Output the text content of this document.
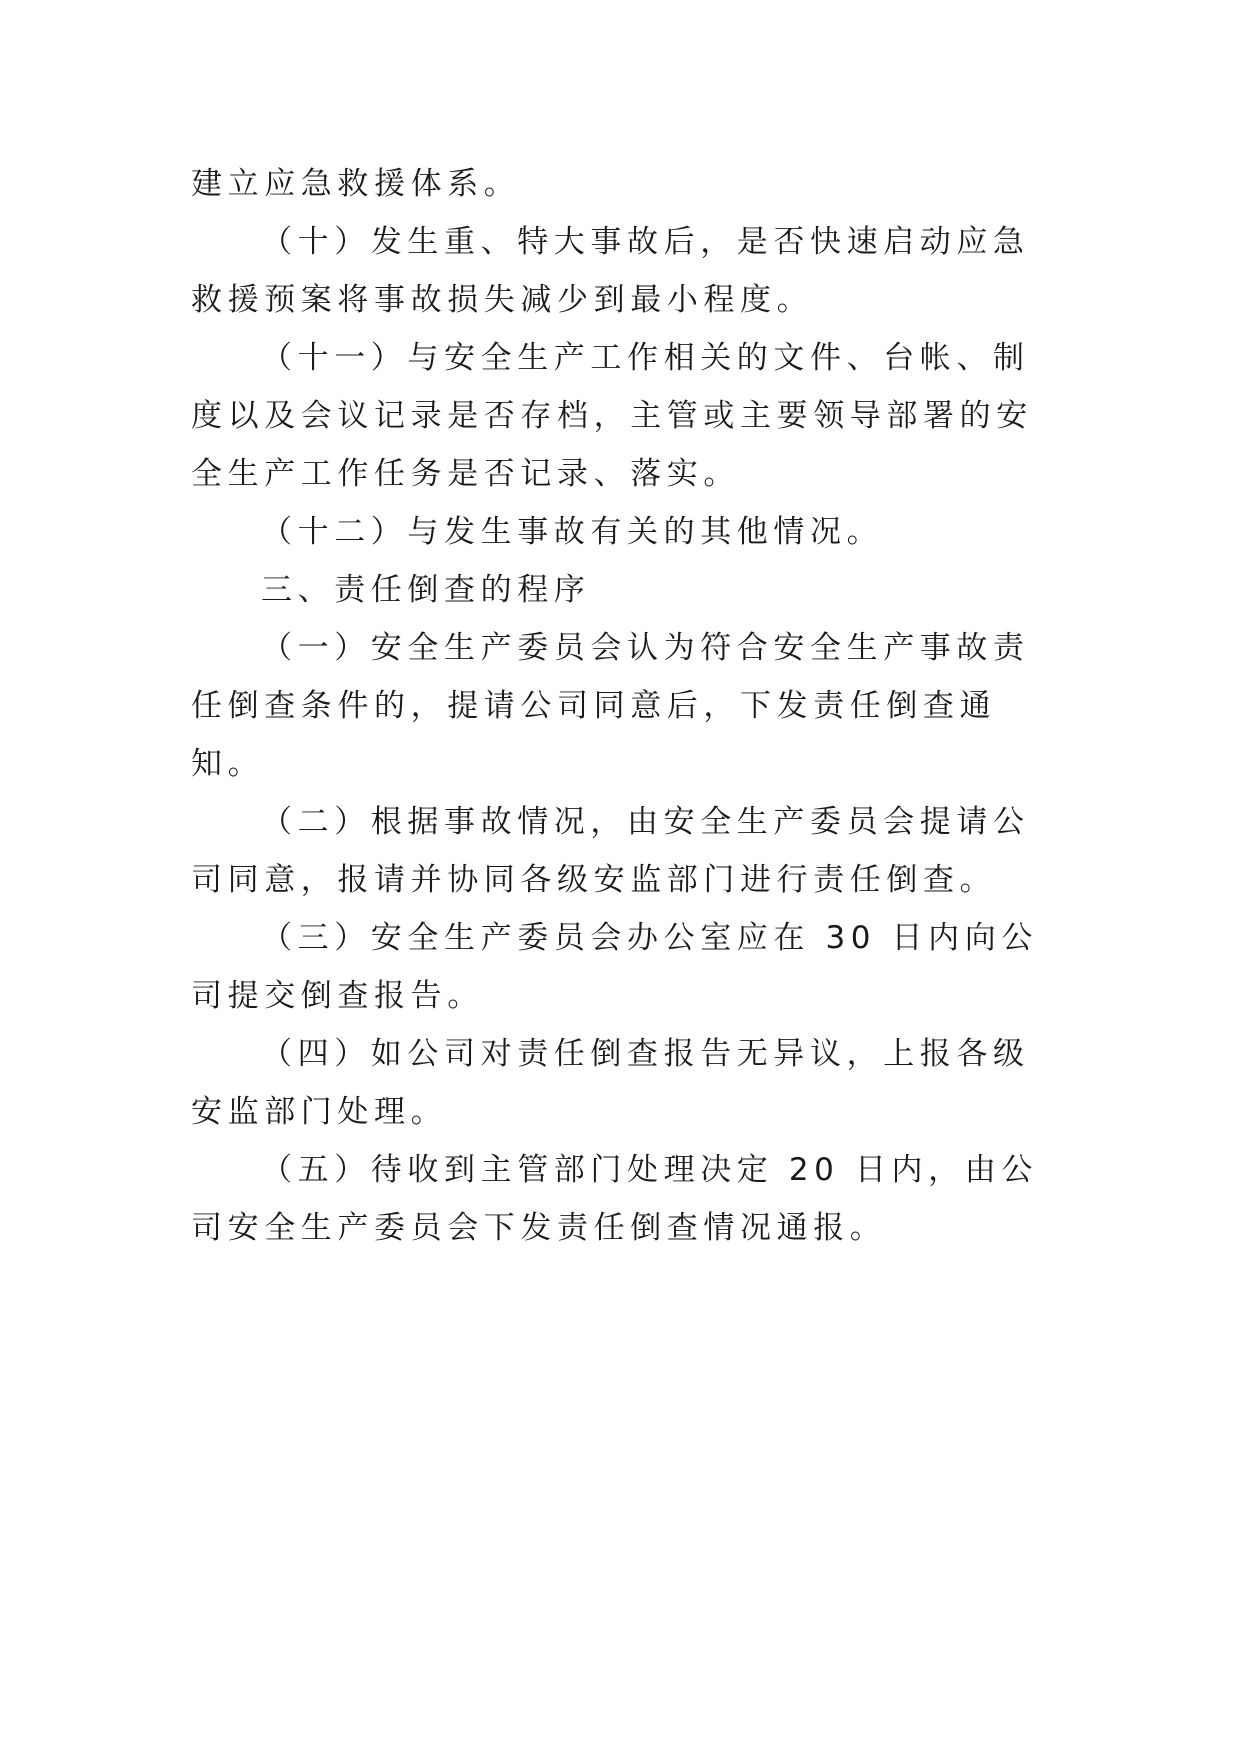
建立应急救援体系。

（十）发生重、特大事故后，是否快速启动应急救援预案将事故损失减少到最小程度。

（十一）与安全生产工作相关的文件、台帐、制度以及会议记录是否存档，主管或主要领导部署的安全生产工作任务是否记录、落实。

（十二）与发生事故有关的其他情况。

三、责任倒查的程序

（一）安全生产委员会认为符合安全生产事故责任倒查条件的，提请公司同意后，下发责任倒查通知。

（二）根据事故情况，由安全生产委员会提请公司同意，报请并协同各级安监部门进行责任倒查。

（三）安全生产委员会办公室应在 30 日内向公司提交倒查报告。

（四）如公司对责任倒查报告无异议，上报各级安监部门处理。

（五）待收到主管部门处理决定 20 日内，由公司安全生产委员会下发责任倒查情况通报。
